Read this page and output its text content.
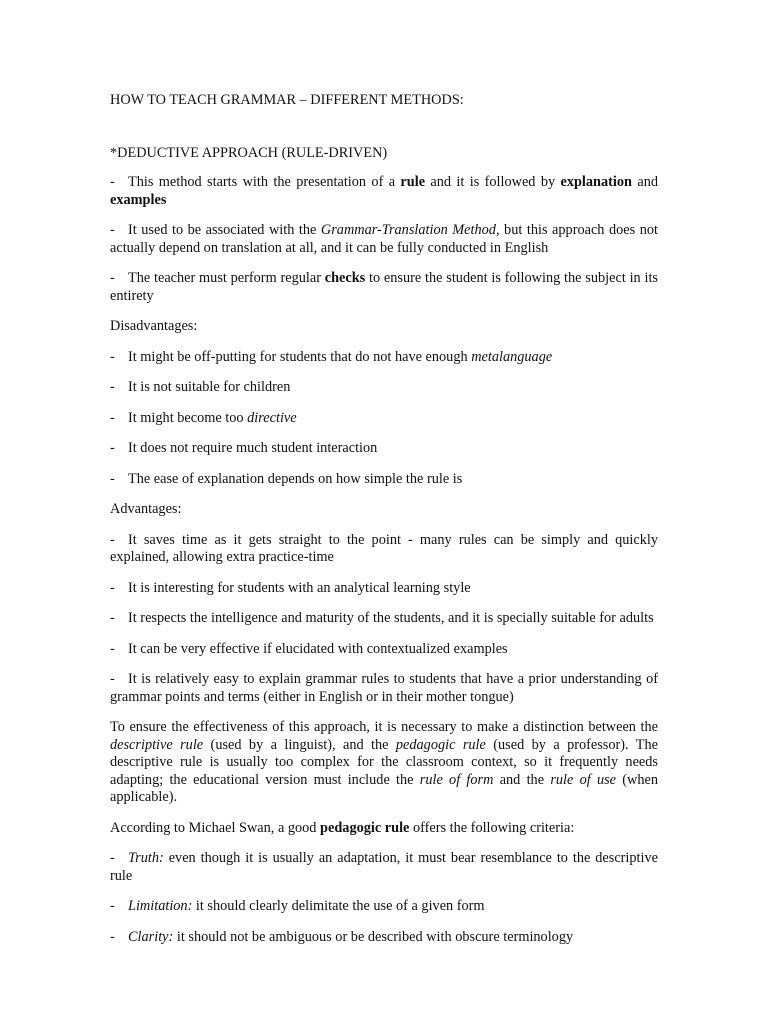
HOW TO TEACH GRAMMAR – DIFFERENT METHODS:

*DEDUCTIVE APPROACH (RULE-DRIVEN)

- This method starts with the presentation of a rule and it is followed by explanation and examples

- It used to be associated with the Grammar-Translation Method, but this approach does not actually depend on translation at all, and it can be fully conducted in English

- The teacher must perform regular checks to ensure the student is following the subject in its entirety

Disadvantages:

- It might be off-putting for students that do not have enough metalanguage

- It is not suitable for children

- It might become too directive

- It does not require much student interaction

- The ease of explanation depends on how simple the rule is

Advantages:

- It saves time as it gets straight to the point - many rules can be simply and quickly explained, allowing extra practice-time

- It is interesting for students with an analytical learning style

- It respects the intelligence and maturity of the students, and it is specially suitable for adults

- It can be very effective if elucidated with contextualized examples

- It is relatively easy to explain grammar rules to students that have a prior understanding of grammar points and terms (either in English or in their mother tongue)

To ensure the effectiveness of this approach, it is necessary to make a distinction between the descriptive rule (used by a linguist), and the pedagogic rule (used by a professor). The descriptive rule is usually too complex for the classroom context, so it frequently needs adapting; the educational version must include the rule of form and the rule of use (when applicable).

According to Michael Swan, a good pedagogic rule offers the following criteria:

- Truth: even though it is usually an adaptation, it must bear resemblance to the descriptive rule

- Limitation: it should clearly delimitate the use of a given form

- Clarity: it should not be ambiguous or be described with obscure terminology
